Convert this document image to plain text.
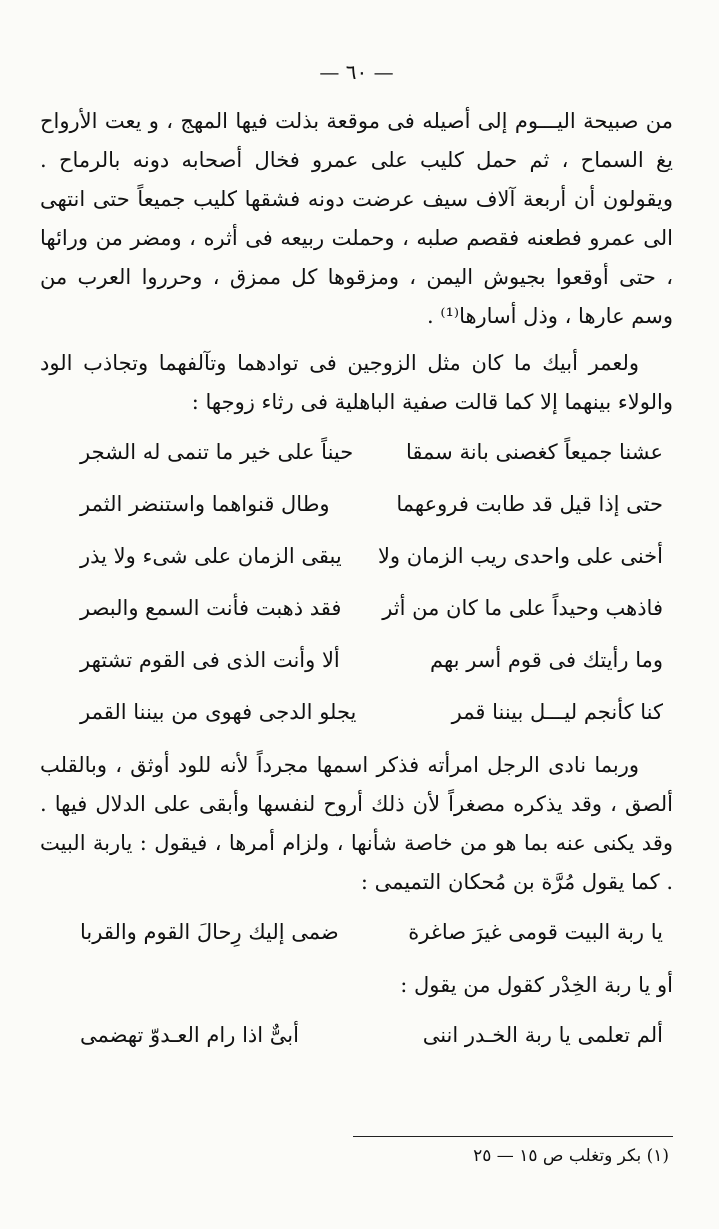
— ٦٠ —

من صبيحة اليـــوم إلى أصيله فى موقعة بذلت فيها المهج ، و يعت الأرواح يغ السماح ، ثم حمل كليب على عمرو فخال أصحابه دونه بالرماح . ويقولون أن أربعة آلاف سيف عرضت دونه فشقها كليب جميعاً حتى انتهى الى عمرو فطعنه فقصم صلبه ، وحملت ربيعه فى أثره ، ومضر من ورائها ، حتى أوقعوا بجيوش اليمن ، ومزقوها كل ممزق ، وحرروا العرب من وسم عارها ، وذل أسارها⁽¹⁾ .

ولعمر أبيك ما كان مثل الزوجين فى توادهما وتآلفهما وتجاذب الود والولاء بينهما إلا كما قالت صفية الباهلية فى رثاء زوجها :

عشنا جميعاً كغصنى بانة سمقا
حيناً على خير ما تنمى له الشجر
حتى إذا قيل قد طابت فروعهما
وطال قنواهما واستنضر الثمر
أخنى على واحدى ريب الزمان ولا
يبقى الزمان على شىء ولا يذر
فاذهب وحيداً على ما كان من أثر
فقد ذهبت فأنت السمع والبصر
وما رأيتك فى قوم أسر بهم
ألا وأنت الذى فى القوم تشتهر
كنا كأنجم ليـــل بيننا قمر
يجلو الدجى فهوى من بيننا القمر

وربما نادى الرجل امرأته فذكر اسمها مجرداً لأنه للود أوثق ، وبالقلب ألصق ، وقد يذكره مصغراً لأن ذلك أروح لنفسها وأبقى على الدلال فيها . وقد يكنى عنه بما هو من خاصة شأنها ، ولزام أمرها ، فيقول : ياربة البيت . كما يقول مُرَّة بن مُحكان التميمى :

يا ربة البيت قومى غيرَ صاغرة
ضمى إليك رِحالَ القوم والقربا

أو يا ربة الخِدْر كقول من يقول :

ألم تعلمى يا ربة الخـدر اننى
أبىٌّ اذا رام العـدوّ تهضمى
(١) بكر وتغلب ص ١٥ — ٢٥
